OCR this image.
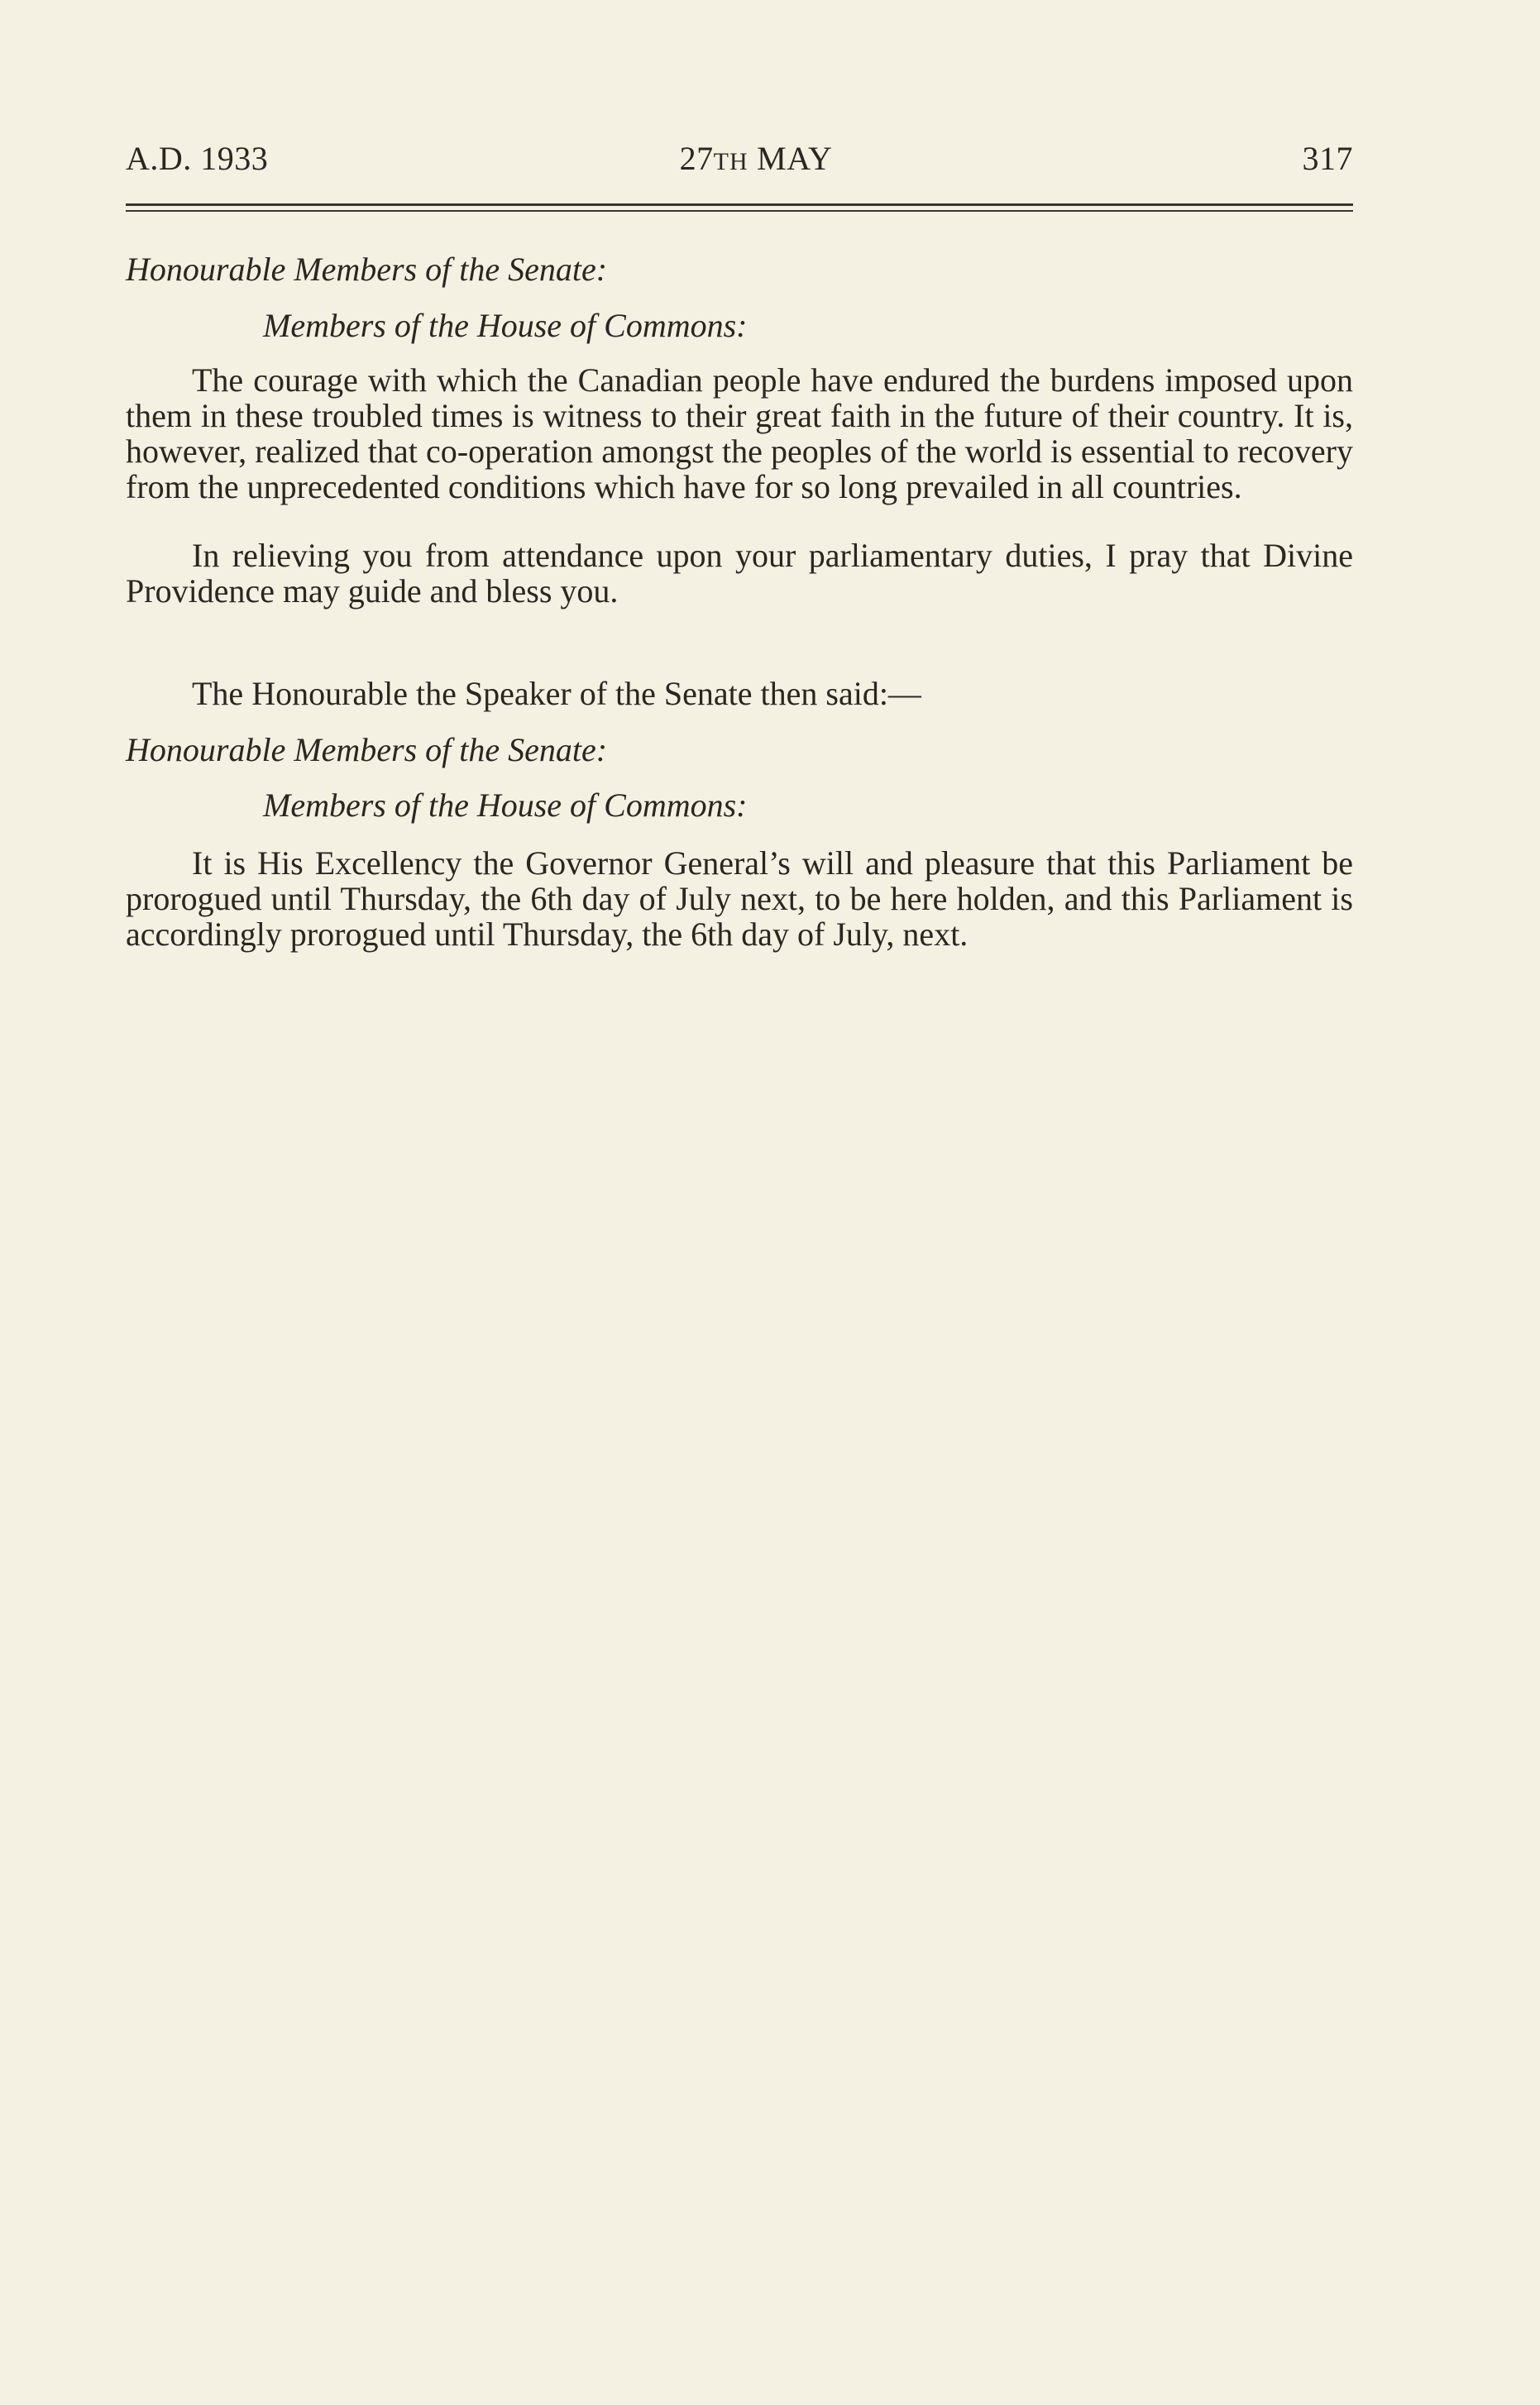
A.D. 1933	27TH MAY	317

Honourable Members of the Senate:

Members of the House of Commons:

The courage with which the Canadian people have endured the burdens imposed upon them in these troubled times is witness to their great faith in the future of their country. It is, however, realized that co-operation amongst the peoples of the world is essential to recovery from the unprecedented conditions which have for so long prevailed in all countries.

In relieving you from attendance upon your parliamentary duties, I pray that Divine Providence may guide and bless you.

The Honourable the Speaker of the Senate then said:—

Honourable Members of the Senate:

Members of the House of Commons:

It is His Excellency the Governor General’s will and pleasure that this Parliament be prorogued until Thursday, the 6th day of July next, to be here holden, and this Parliament is accordingly prorogued until Thursday, the 6th day of July, next.
